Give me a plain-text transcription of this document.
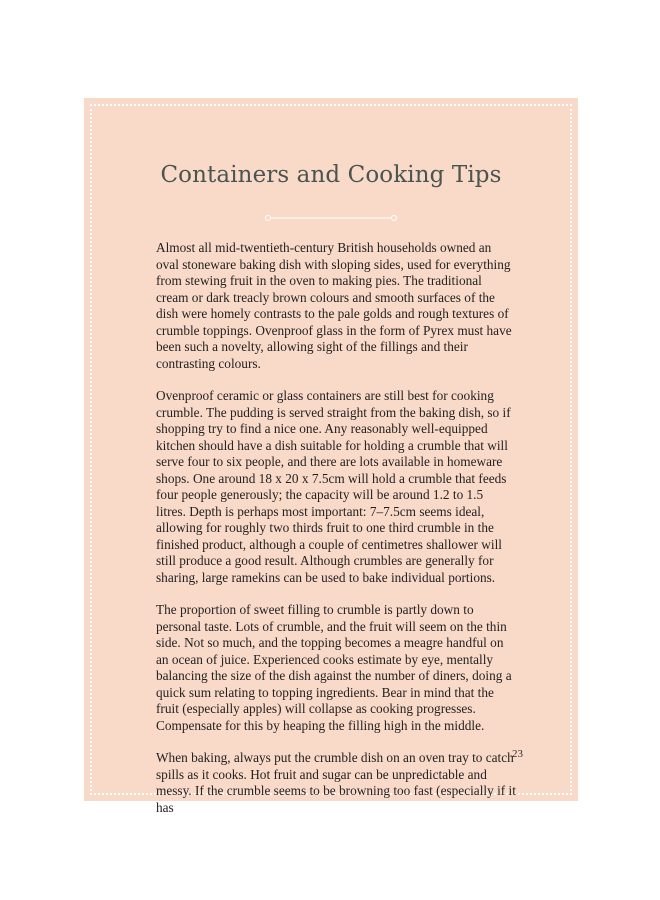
Containers and Cooking Tips

Almost all mid-twentieth-century British households owned an oval stoneware baking dish with sloping sides, used for everything from stewing fruit in the oven to making pies. The traditional cream or dark treacly brown colours and smooth surfaces of the dish were homely contrasts to the pale golds and rough textures of crumble toppings. Ovenproof glass in the form of Pyrex must have been such a novelty, allowing sight of the fillings and their contrasting colours.

Ovenproof ceramic or glass containers are still best for cooking crumble. The pudding is served straight from the baking dish, so if shopping try to find a nice one. Any reasonably well-equipped kitchen should have a dish suitable for holding a crumble that will serve four to six people, and there are lots available in homeware shops. One around 18 x 20 x 7.5cm will hold a crumble that feeds four people generously; the capacity will be around 1.2 to 1.5 litres. Depth is perhaps most important: 7–7.5cm seems ideal, allowing for roughly two thirds fruit to one third crumble in the finished product, although a couple of centimetres shallower will still produce a good result. Although crumbles are generally for sharing, large ramekins can be used to bake individual portions.

The proportion of sweet filling to crumble is partly down to personal taste. Lots of crumble, and the fruit will seem on the thin side. Not so much, and the topping becomes a meagre handful on an ocean of juice. Experienced cooks estimate by eye, mentally balancing the size of the dish against the number of diners, doing a quick sum relating to topping ingredients. Bear in mind that the fruit (especially apples) will collapse as cooking progresses. Compensate for this by heaping the filling high in the middle.

When baking, always put the crumble dish on an oven tray to catch spills as it cooks. Hot fruit and sugar can be unpredictable and messy. If the crumble seems to be browning too fast (especially if it has

23
